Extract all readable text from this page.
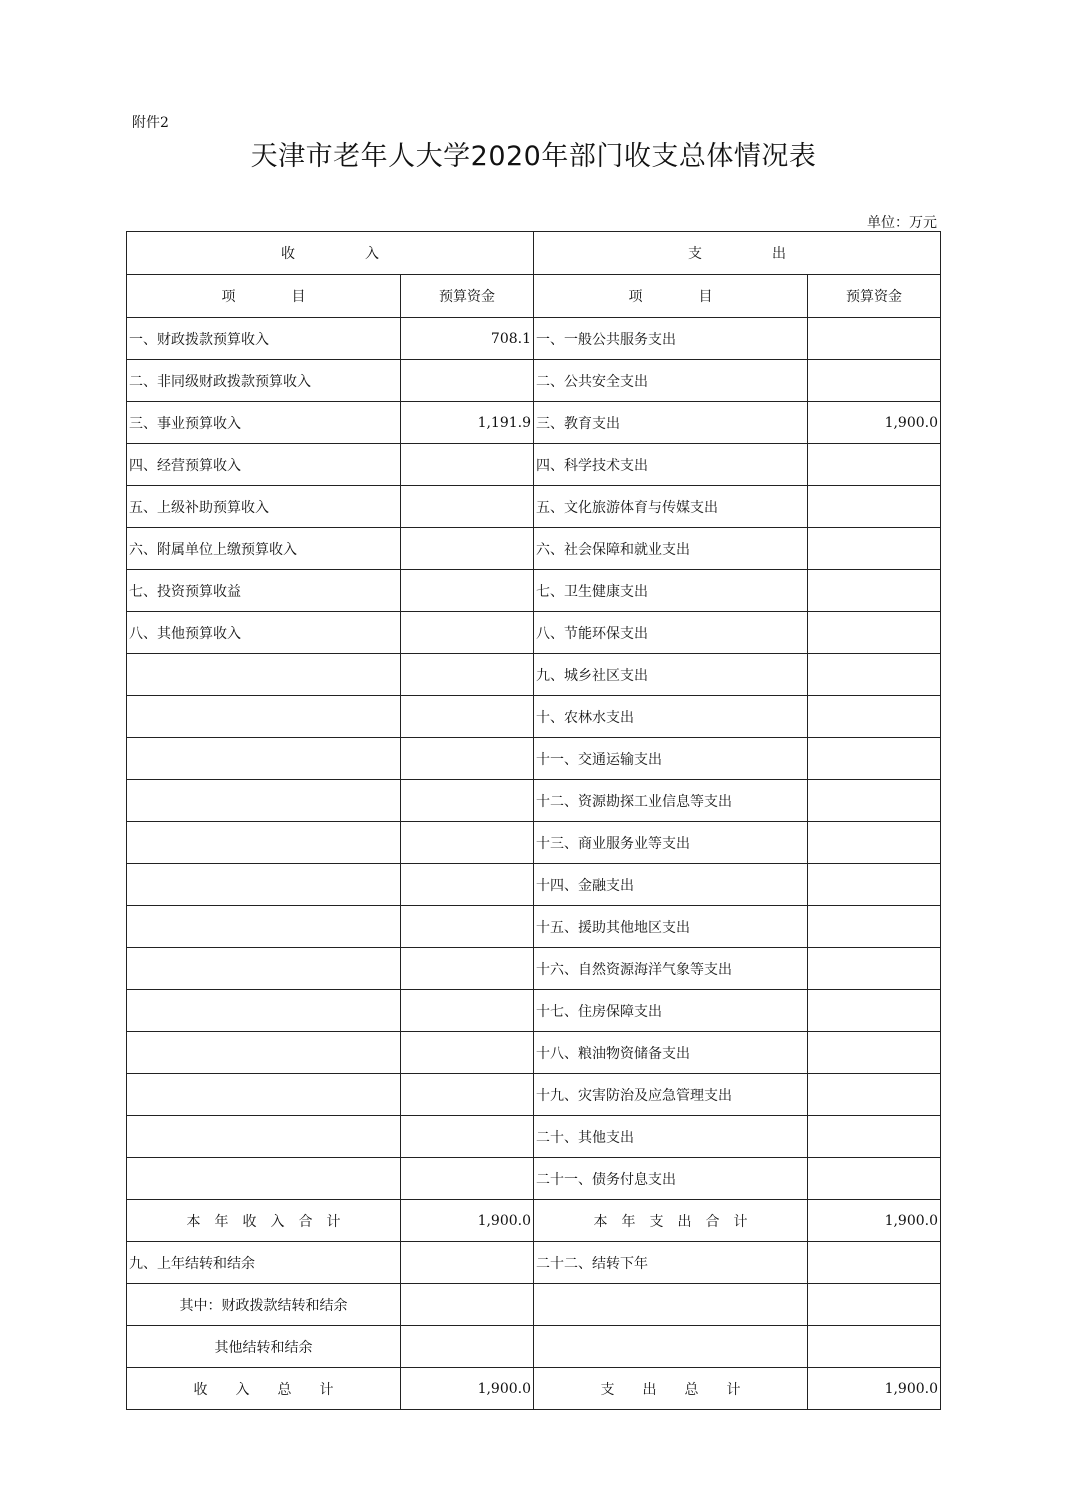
附件2
天津市老年人大学2020年部门收支总体情况表
单位：万元
收　　　　　入		支　　　　　出	
项　　　　目	预算资金	项　　　　目	预算资金
一、财政拨款预算收入	708.1	一、一般公共服务支出	
二、非同级财政拨款预算收入		二、公共安全支出	
三、事业预算收入	1,191.9	三、教育支出	1,900.0
四、经营预算收入		四、科学技术支出	
五、上级补助预算收入		五、文化旅游体育与传媒支出	
六、附属单位上缴预算收入		六、社会保障和就业支出	
七、投资预算收益		七、卫生健康支出	
八、其他预算收入		八、节能环保支出	
		九、城乡社区支出	
		十、农林水支出	
		十一、交通运输支出	
		十二、资源勘探工业信息等支出	
		十三、商业服务业等支出	
		十四、金融支出	
		十五、援助其他地区支出	
		十六、自然资源海洋气象等支出	
		十七、住房保障支出	
		十八、粮油物资储备支出	
		十九、灾害防治及应急管理支出	
		二十、其他支出	
		二十一、债务付息支出	
本　年　收　入　合　计	1,900.0	本　年　支　出　合　计	1,900.0
九、上年结转和结余		二十二、结转下年	
其中：财政拨款结转和结余			
其他结转和结余			
收　　入　　总　　计	1,900.0	支　　出　　总　　计	1,900.0
